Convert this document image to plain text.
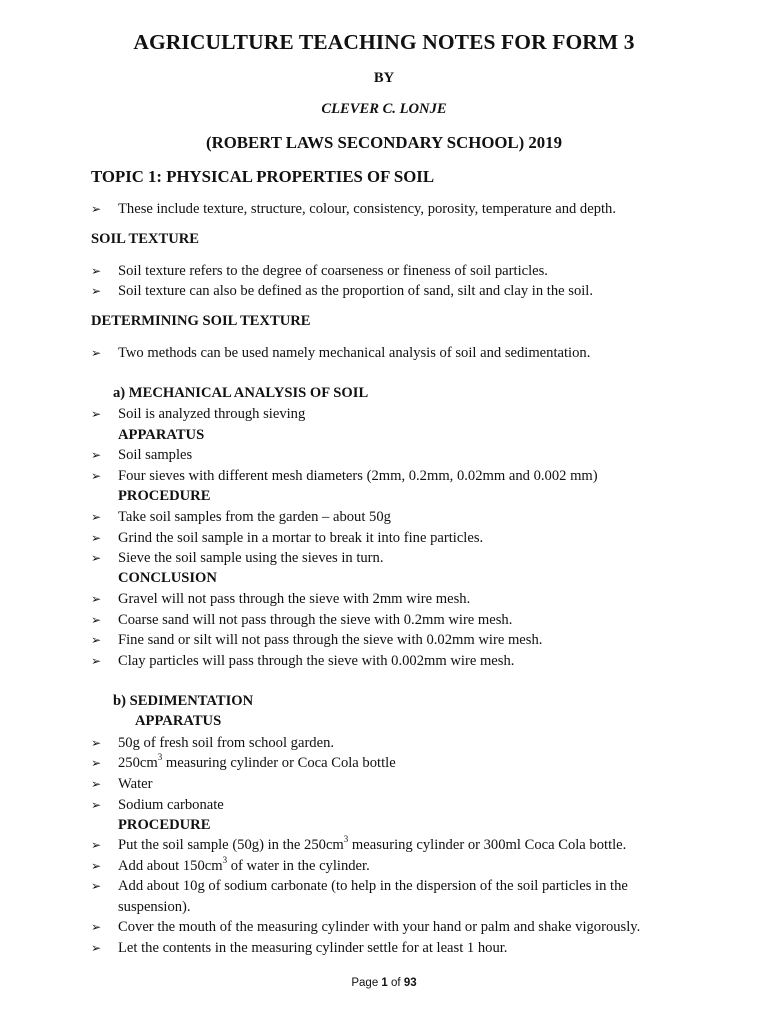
AGRICULTURE TEACHING NOTES FOR FORM 3
BY
CLEVER C. LONJE
(ROBERT LAWS SECONDARY SCHOOL) 2019
TOPIC 1: PHYSICAL PROPERTIES OF SOIL
➢ These include texture, structure, colour, consistency, porosity, temperature and depth.
SOIL TEXTURE
➢ Soil texture refers to the degree of coarseness or fineness of soil particles.
➢ Soil texture can also be defined as the proportion of sand, silt and clay in the soil.
DETERMINING SOIL TEXTURE
➢ Two methods can be used namely mechanical analysis of soil and sedimentation.
a) MECHANICAL ANALYSIS OF SOIL
➢ Soil is analyzed through sieving
APPARATUS
➢ Soil samples
➢ Four sieves with different mesh diameters (2mm, 0.2mm, 0.02mm and 0.002 mm)
PROCEDURE
➢ Take soil samples from the garden – about 50g
➢ Grind the soil sample in a mortar to break it into fine particles.
➢ Sieve the soil sample using the sieves in turn.
CONCLUSION
➢ Gravel will not pass through the sieve with 2mm wire mesh.
➢ Coarse sand will not pass through the sieve with 0.2mm wire mesh.
➢ Fine sand or silt will not pass through the sieve with 0.02mm wire mesh.
➢ Clay particles will pass through the sieve with 0.002mm wire mesh.
b) SEDIMENTATION
APPARATUS
➢ 50g of fresh soil from school garden.
➢ $250cm^3$ measuring cylinder or Coca Cola bottle
➢ Water
➢ Sodium carbonate
PROCEDURE
➢ Put the soil sample (50g) in the $250cm^3$ measuring cylinder or 300ml Coca Cola bottle.
➢ Add about $150cm^3$ of water in the cylinder.
➢ Add about 10g of sodium carbonate (to help in the dispersion of the soil particles in the suspension).
➢ Cover the mouth of the measuring cylinder with your hand or palm and shake vigorously.
➢ Let the contents in the measuring cylinder settle for at least 1 hour.
Page 1 of 93
